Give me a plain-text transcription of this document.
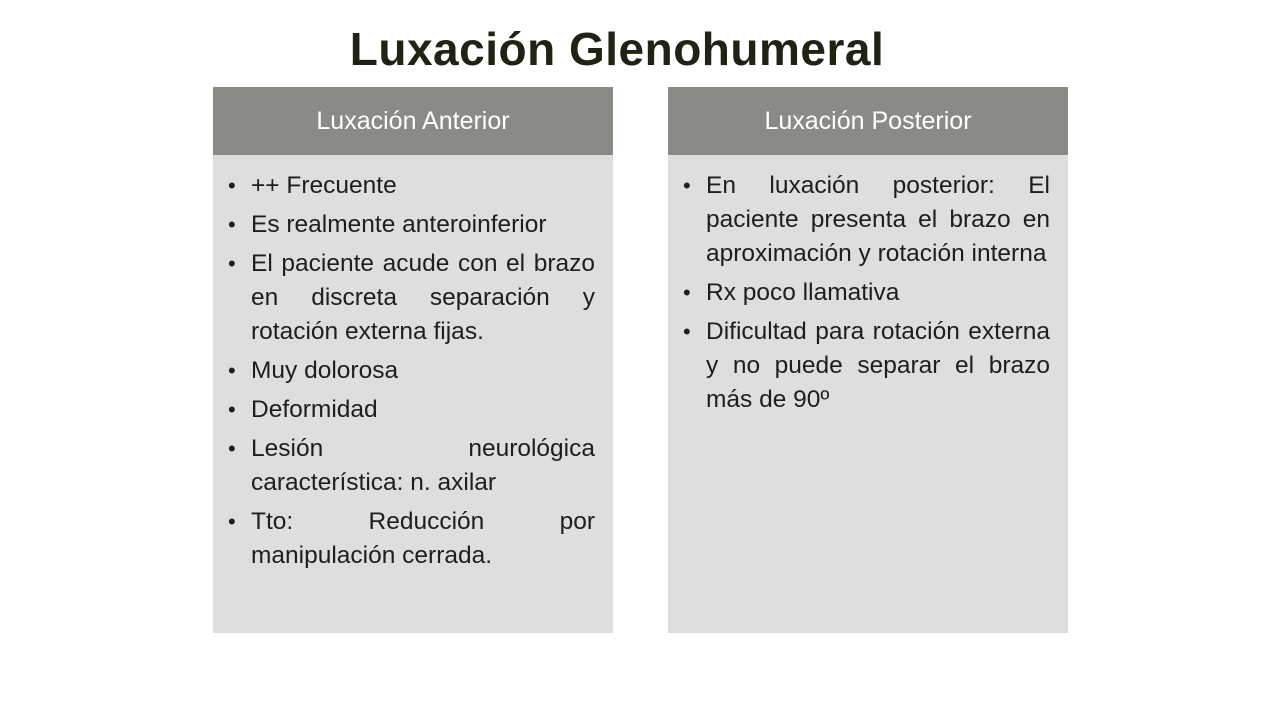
Luxación Glenohumeral
Luxación Anterior
• ++ Frecuente
• Es realmente anteroinferior
• El paciente acude con el brazo en discreta separación y rotación externa fijas.
• Muy dolorosa
• Deformidad
• Lesión neurológica característica: n. axilar
• Tto: Reducción por manipulación cerrada.
Luxación Posterior
• En luxación posterior: El paciente presenta el brazo en aproximación y rotación interna
• Rx poco llamativa
• Dificultad para rotación externa y no puede separar el brazo más de 90º
